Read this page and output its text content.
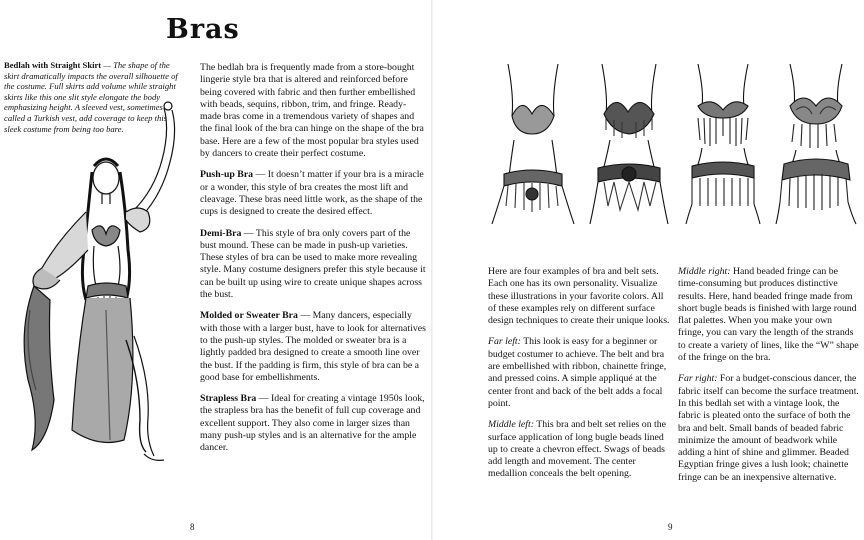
Bras
Bedlah with Straight Skirt — The shape of the skirt dramatically impacts the overall silhouette of the costume. Full skirts add volume while straight skirts like this one slit style elongate the body emphasizing height. A sleeved vest, sometimes called a Turkish vest, add coverage to keep this sleek costume from being too bare.

The bedlah bra is frequently made from a store-bought lingerie style bra that is altered and reinforced before being covered with fabric and then further embellished with beads, sequins, ribbon, trim, and fringe. Ready-made bras come in a tremendous variety of shapes and the final look of the bra can hinge on the shape of the bra base. Here are a few of the most popular bra styles used by dancers to create their perfect costume.

Push-up Bra — It doesn’t matter if your bra is a miracle or a wonder, this style of bra creates the most lift and cleavage. These bras need little work, as the shape of the cups is designed to create the desired effect.

Demi-Bra — This style of bra only covers part of the bust mound. These can be made in push-up varieties. These styles of bra can be used to make more revealing style. Many costume designers prefer this style because it can be built up using wire to create unique shapes across the bust.

Molded or Sweater Bra — Many dancers, especially with those with a larger bust, have to look for alternatives to the push-up styles. The molded or sweater bra is a lightly padded bra designed to create a smooth line over the bust. If the padding is firm, this style of bra can be a good base for embellishments.

Strapless Bra — Ideal for creating a vintage 1950s look, the strapless bra has the benefit of full cup coverage and excellent support. They also come in larger sizes than many push-up styles and is an alternative for the ample dancer.

8

Here are four examples of bra and belt sets. Each one has its own personality. Visualize these illustrations in your favorite colors. All of these examples rely on different surface design techniques to create their unique looks.

Far left: This look is easy for a beginner or budget costumer to achieve. The belt and bra are embellished with ribbon, chainette fringe, and pressed coins. A simple appliqué at the center front and back of the belt adds a focal point.

Middle left: This bra and belt set relies on the surface application of long bugle beads lined up to create a chevron effect. Swags of beads add length and movement. The center medallion conceals the belt opening.

Middle right: Hand beaded fringe can be time-consuming but produces distinctive results. Here, hand beaded fringe made from short bugle beads is finished with large round flat palettes. When you make your own fringe, you can vary the length of the strands to create a variety of lines, like the “W” shape of the fringe on the bra.

Far right: For a budget-conscious dancer, the fabric itself can become the surface treatment. In this bedlah set with a vintage look, the fabric is pleated onto the surface of both the bra and belt. Small bands of beaded fabric minimize the amount of beadwork while adding a hint of shine and glimmer. Beaded Egyptian fringe gives a lush look; chainette fringe can be an inexpensive alternative.

9
